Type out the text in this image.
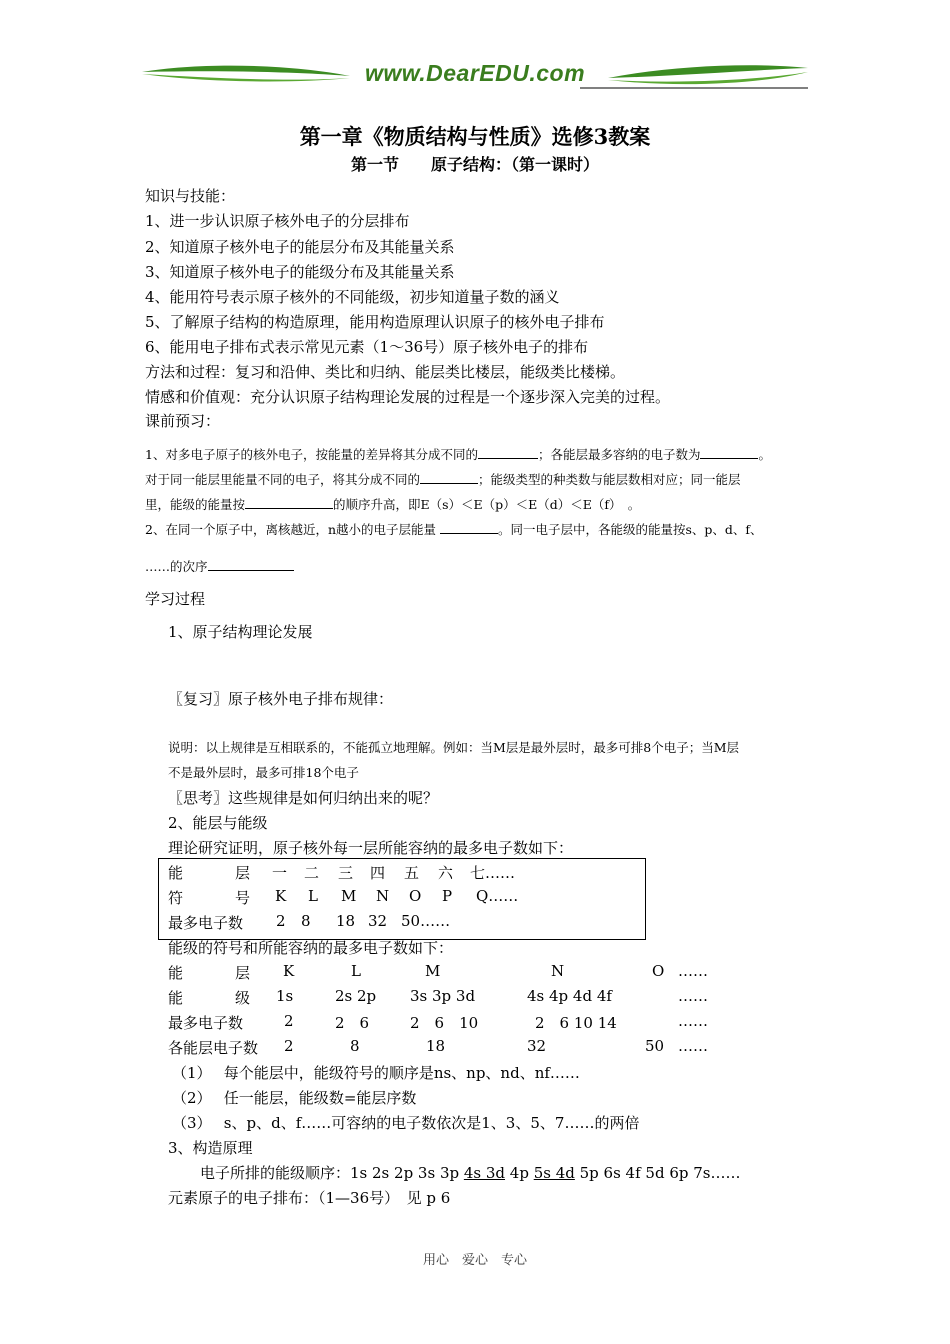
www.DearEDU.com
第一章《物质结构与性质》选修3教案
第一节　　原子结构：（第一课时）
知识与技能：
1、进一步认识原子核外电子的分层排布
2、知道原子核外电子的能层分布及其能量关系
3、知道原子核外电子的能级分布及其能量关系
4、能用符号表示原子核外的不同能级，初步知道量子数的涵义
5、了解原子结构的构造原理，能用构造原理认识原子的核外电子排布
6、能用电子排布式表示常见元素（1～36号）原子核外电子的排布
方法和过程：复习和沿伸、类比和归纳、能层类比楼层，能级类比楼梯。
情感和价值观：充分认识原子结构理论发展的过程是一个逐步深入完美的过程。
课前预习：
1、对多电子原子的核外电子，按能量的差异将其分成不同的	；各能层最多容纳的电子数为	。
对于同一能层里能量不同的电子，将其分成不同的	；能级类型的种类数与能层数相对应；同一能层
里，能级的能量按	的顺序升高，即E（s）＜E（p）＜E（d）＜E（f）　。
2、在同一个原子中，离核越近，n越小的电子层能量	。同一电子层中，各能级的能量按s、p、d、f、
……的次序
学习过程
1、原子结构理论发展
〖复习〗原子核外电子排布规律：
说明：以上规律是互相联系的，不能孤立地理解。例如：当M层是最外层时，最多可排8个电子；当M层
不是最外层时，最多可排18个电子
〖思考〗这些规律是如何归纳出来的呢？
2、能层与能级
理论研究证明，原子核外每一层所能容纳的最多电子数如下：
能	层 一 二 三 四 五 六 七……
符	号 K L M N O P Q……
最多电子数 2 8 18 32 50……
能级的符号和所能容纳的最多电子数如下：
能	层 K	L	M	N	O ……
能	级 1s	2s 2p 3s 3p 3d	4s 4p 4d 4f	……
最多电子数	2	2　6	2　6　10	2　6 10 14	……
各能层电子数 2	8	18	32	50 ……
（1）　 每个能层中，能级符号的顺序是ns、np、nd、nf……
（2）　 任一能层，能级数=能层序数
（3）　 s、p、d、f……可容纳的电子数依次是1、3、5、7……的两倍
3、构造原理
电子所排的能级顺序：1s 2s 2p 3s 3p 4s 3d 4p 5s 4d 5p 6s 4f 5d 6p 7s……
元素原子的电子排布：（1—36号）　见 p 6
用心　爱心　专心
